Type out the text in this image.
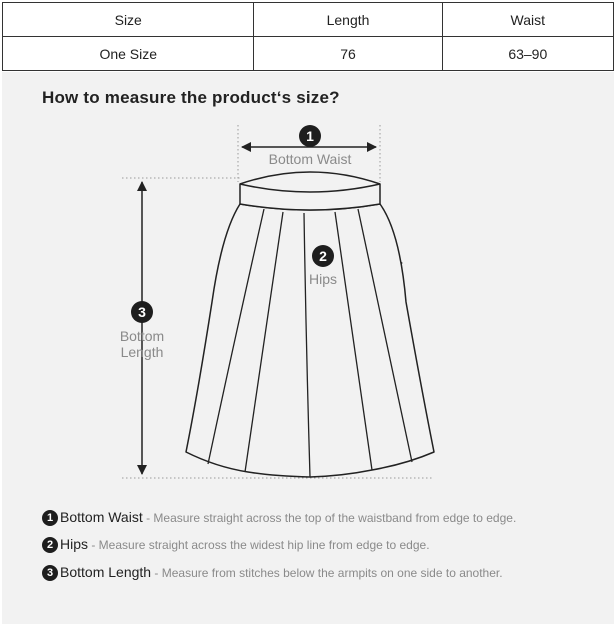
Size	Length	Waist
One Size	76	63–90
How to measure the product‘s size?
1
Bottom Waist
2
Hips
3
Bottom
Length
1 Bottom Waist - Measure straight across the top of the waistband from edge to edge.
2 Hips - Measure straight across the widest hip line from edge to edge.
3 Bottom Length - Measure from stitches below the armpits on one side to another.
